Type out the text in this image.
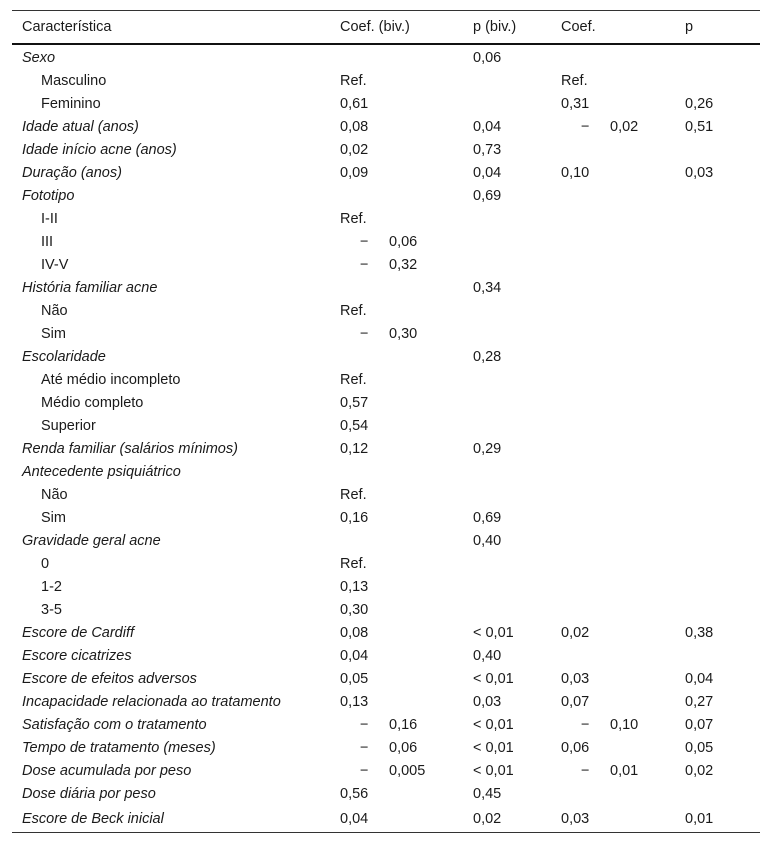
Característica	Coef. (biv.)	p (biv.)	Coef.	p
Sexo		0,06		
Masculino	Ref.		Ref.	
Feminino	0,61		0,31	0,26
Idade atual (anos)	0,08	0,04	− 0,02	0,51
Idade início acne (anos)	0,02	0,73		
Duração (anos)	0,09	0,04	0,10	0,03
Fototipo		0,69		
I-II	Ref.			
III	− 0,06			
IV-V	− 0,32			
História familiar acne		0,34		
Não	Ref.			
Sim	− 0,30			
Escolaridade		0,28		
Até médio incompleto	Ref.			
Médio completo	0,57			
Superior	0,54			
Renda familiar (salários mínimos)	0,12	0,29		
Antecedente psiquiátrico				
Não	Ref.			
Sim	0,16	0,69		
Gravidade geral acne		0,40		
0	Ref.			
1-2	0,13			
3-5	0,30			
Escore de Cardiff	0,08	< 0,01	0,02	0,38
Escore cicatrizes	0,04	0,40		
Escore de efeitos adversos	0,05	< 0,01	0,03	0,04
Incapacidade relacionada ao tratamento	0,13	0,03	0,07	0,27
Satisfação com o tratamento	− 0,16	< 0,01	− 0,10	0,07
Tempo de tratamento (meses)	− 0,06	< 0,01	0,06	0,05
Dose acumulada por peso	− 0,005	< 0,01	− 0,01	0,02
Dose diária por peso	0,56	0,45		
Escore de Beck inicial	0,04	0,02	0,03	0,01
